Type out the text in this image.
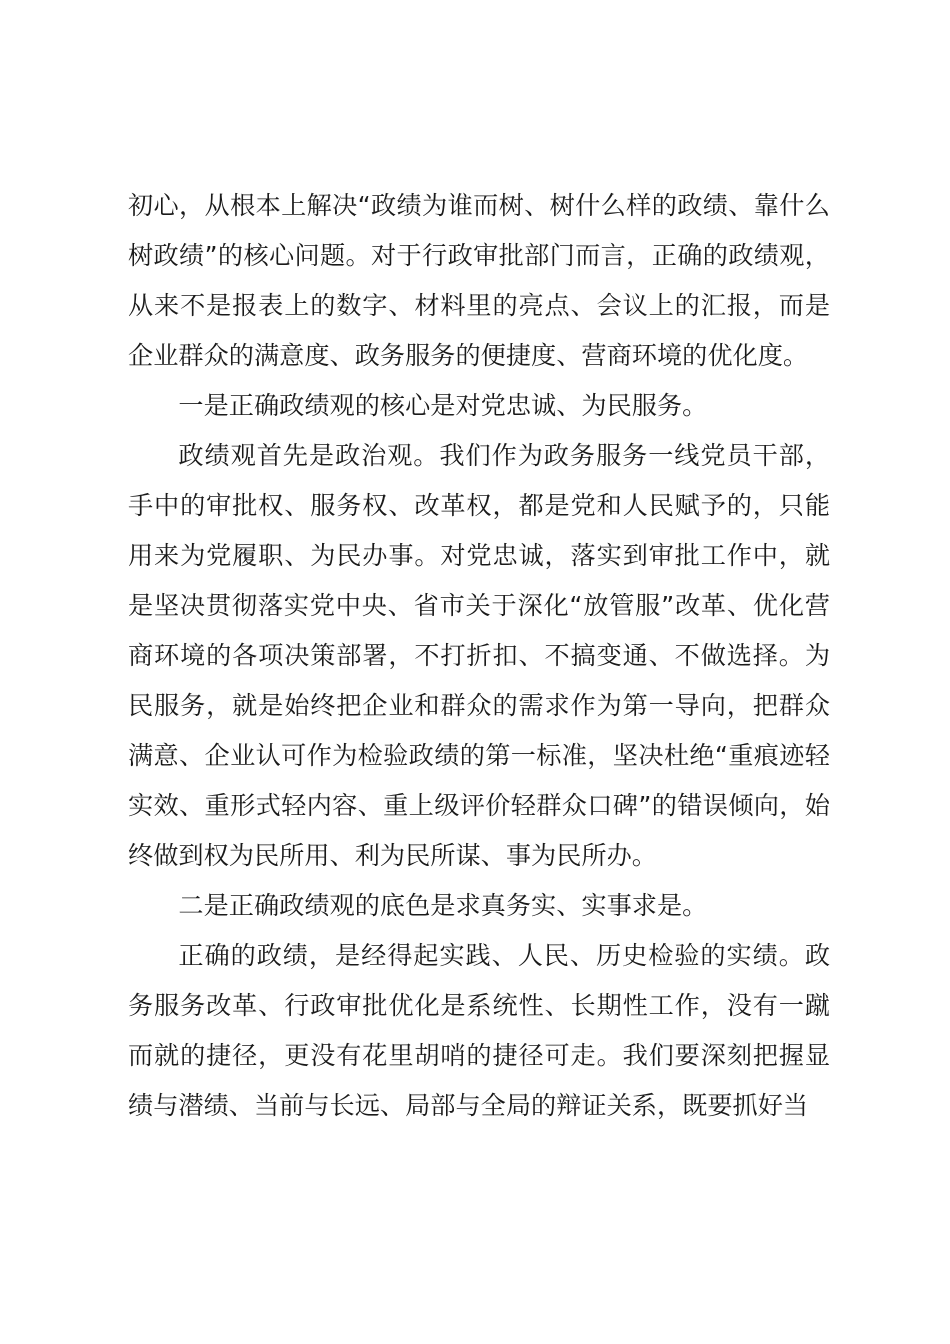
初心，从根本上解决“政绩为谁而树、树什么样的政绩、靠什么树政绩”的核心问题。对于行政审批部门而言，正确的政绩观，从来不是报表上的数字、材料里的亮点、会议上的汇报，而是企业群众的满意度、政务服务的便捷度、营商环境的优化度。

一是正确政绩观的核心是对党忠诚、为民服务。

政绩观首先是政治观。我们作为政务服务一线党员干部，手中的审批权、服务权、改革权，都是党和人民赋予的，只能用来为党履职、为民办事。对党忠诚，落实到审批工作中，就是坚决贯彻落实党中央、省市关于深化“放管服”改革、优化营商环境的各项决策部署，不打折扣、不搞变通、不做选择。为民服务，就是始终把企业和群众的需求作为第一导向，把群众满意、企业认可作为检验政绩的第一标准，坚决杜绝“重痕迹轻实效、重形式轻内容、重上级评价轻群众口碑”的错误倾向，始终做到权为民所用、利为民所谋、事为民所办。

二是正确政绩观的底色是求真务实、实事求是。

正确的政绩，是经得起实践、人民、历史检验的实绩。政务服务改革、行政审批优化是系统性、长期性工作，没有一蹴而就的捷径，更没有花里胡哨的捷径可走。我们要深刻把握显绩与潜绩、当前与长远、局部与全局的辩证关系，既要抓好当
